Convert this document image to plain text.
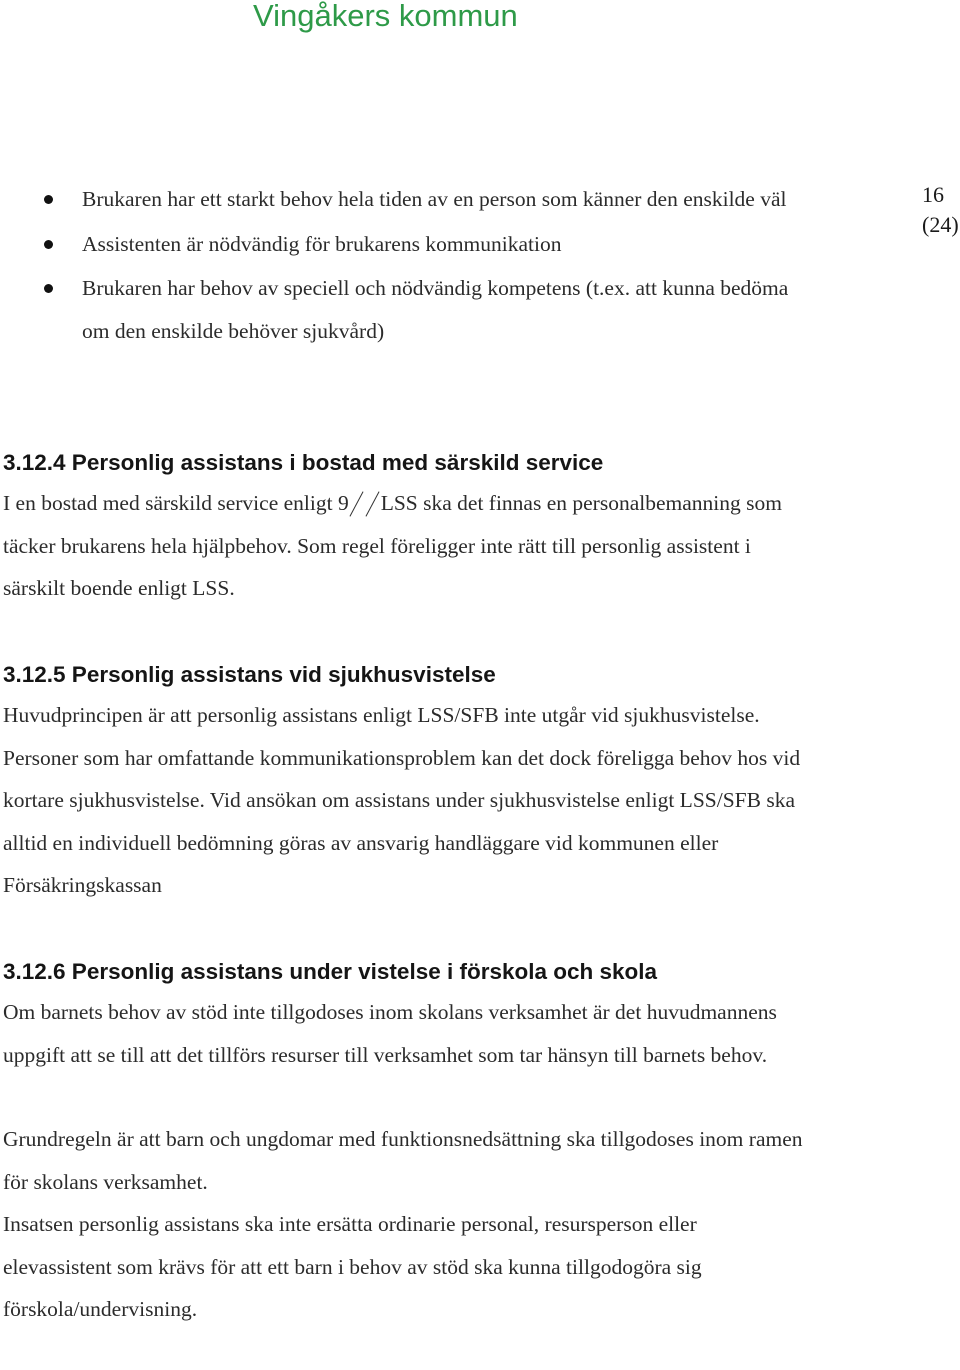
Vingåkers kommun
16
(24)
Brukaren har ett starkt behov hela tiden av en person som känner den enskilde väl
Assistenten är nödvändig för brukarens kommunikation
Brukaren har behov av speciell och nödvändig kompetens (t.ex. att kunna bedöma om den enskilde behöver sjukvård)
3.12.4 Personlig assistans i bostad med särskild service

I en bostad med särskild service enligt 9 LSS ska det finnas en personalbemanning som täcker brukarens hela hjälpbehov. Som regel föreligger inte rätt till personlig assistent i särskilt boende enligt LSS.

3.12.5 Personlig assistans vid sjukhusvistelse

Huvudprincipen är att personlig assistans enligt LSS/SFB inte utgår vid sjukhusvistelse. Personer som har omfattande kommunikationsproblem kan det dock föreligga behov hos vid kortare sjukhusvistelse. Vid ansökan om assistans under sjukhusvistelse enligt LSS/SFB ska alltid en individuell bedömning göras av ansvarig handläggare vid kommunen eller Försäkringskassan

3.12.6 Personlig assistans under vistelse i förskola och skola

Om barnets behov av stöd inte tillgodoses inom skolans verksamhet är det huvudmannens uppgift att se till att det tillförs resurser till verksamhet som tar hänsyn till barnets behov.

Grundregeln är att barn och ungdomar med funktionsnedsättning ska tillgodoses inom ramen för skolans verksamhet.

Insatsen personlig assistans ska inte ersätta ordinarie personal, resursperson eller elevassistent som krävs för att ett barn i behov av stöd ska kunna tillgodogöra sig förskola/undervisning.
